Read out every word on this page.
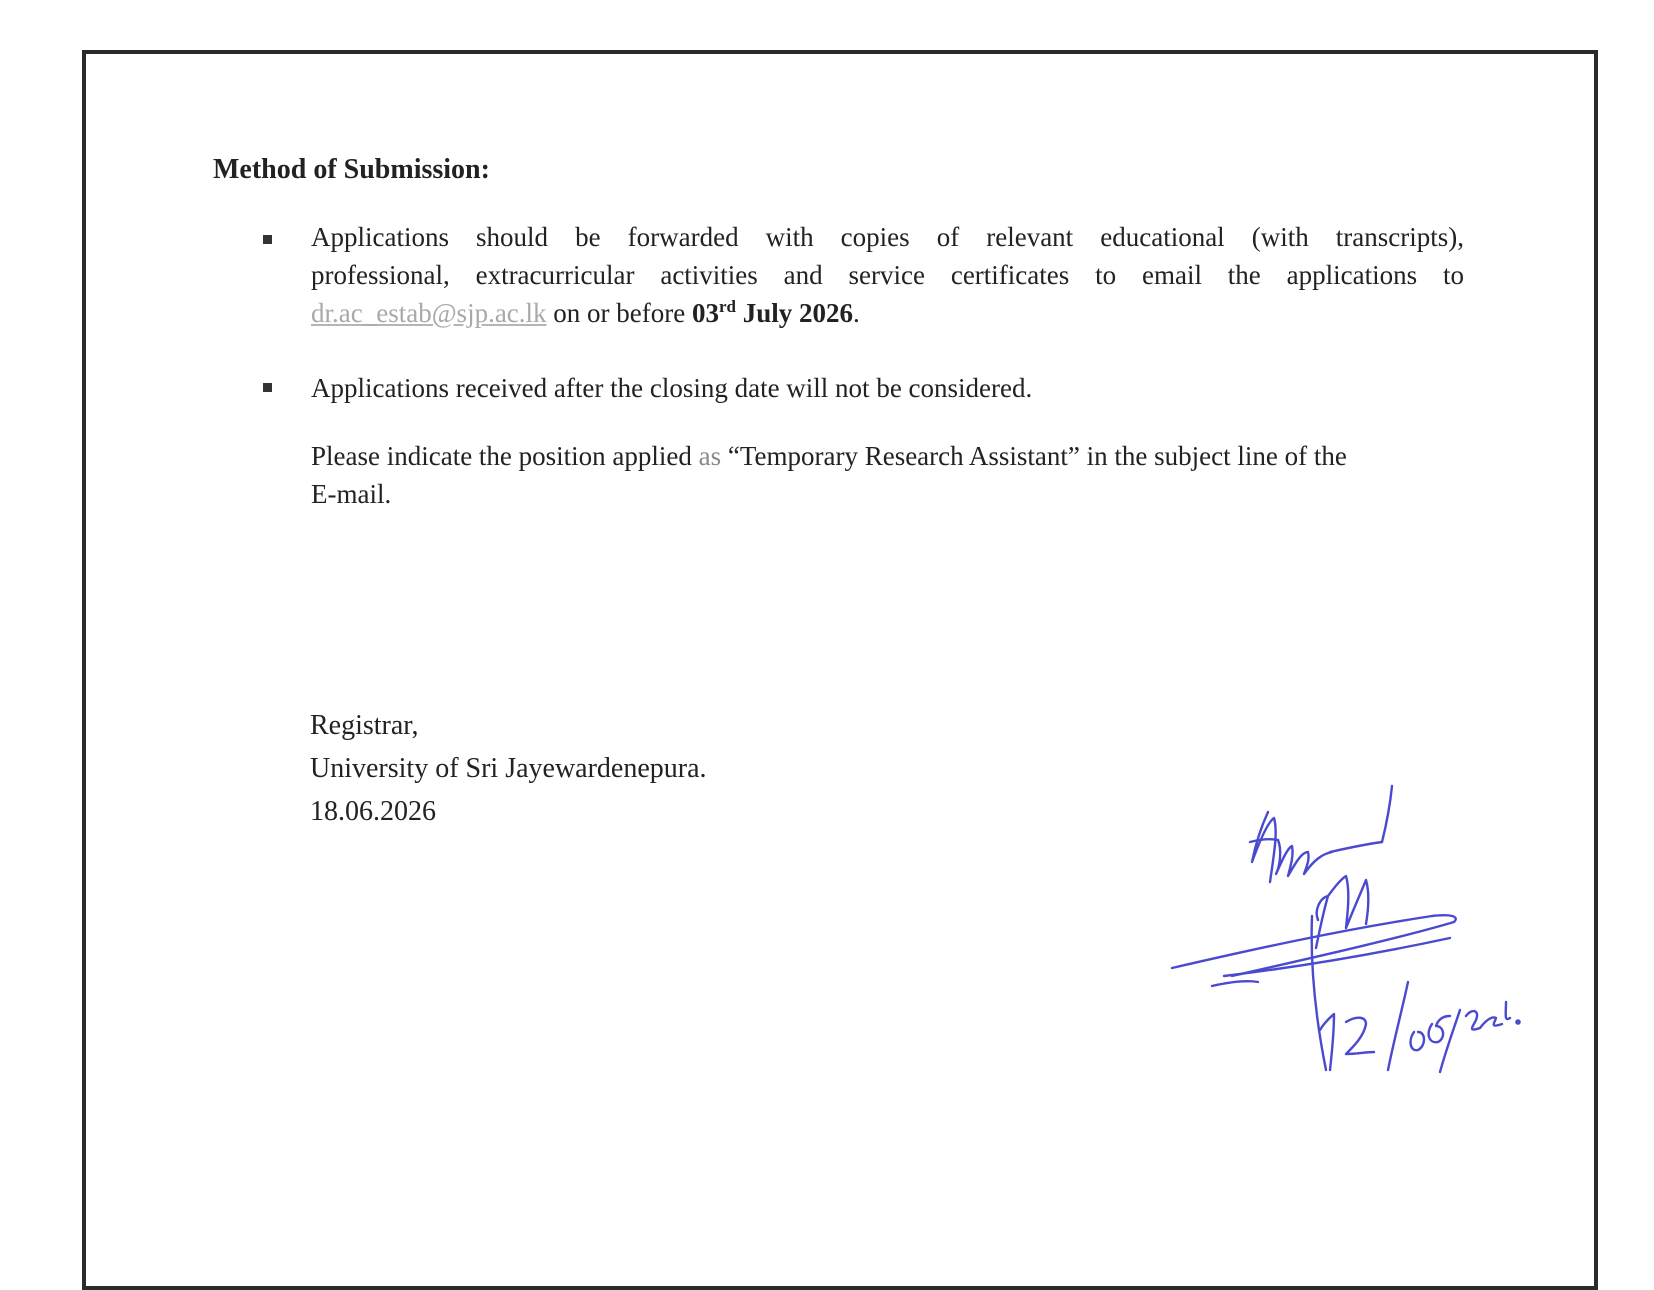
Method of Submission:

Applications should be forwarded with copies of relevant educational (with transcripts),
professional, extracurricular activities and service certificates to email the applications to
dr.ac_estab@sjp.ac.lk on or before 03rd July 2026.

Applications received after the closing date will not be considered.

Please indicate the position applied as “Temporary Research Assistant” in the subject line of the
E-mail.

Registrar,
University of Sri Jayewardenepura.
18.06.2026
